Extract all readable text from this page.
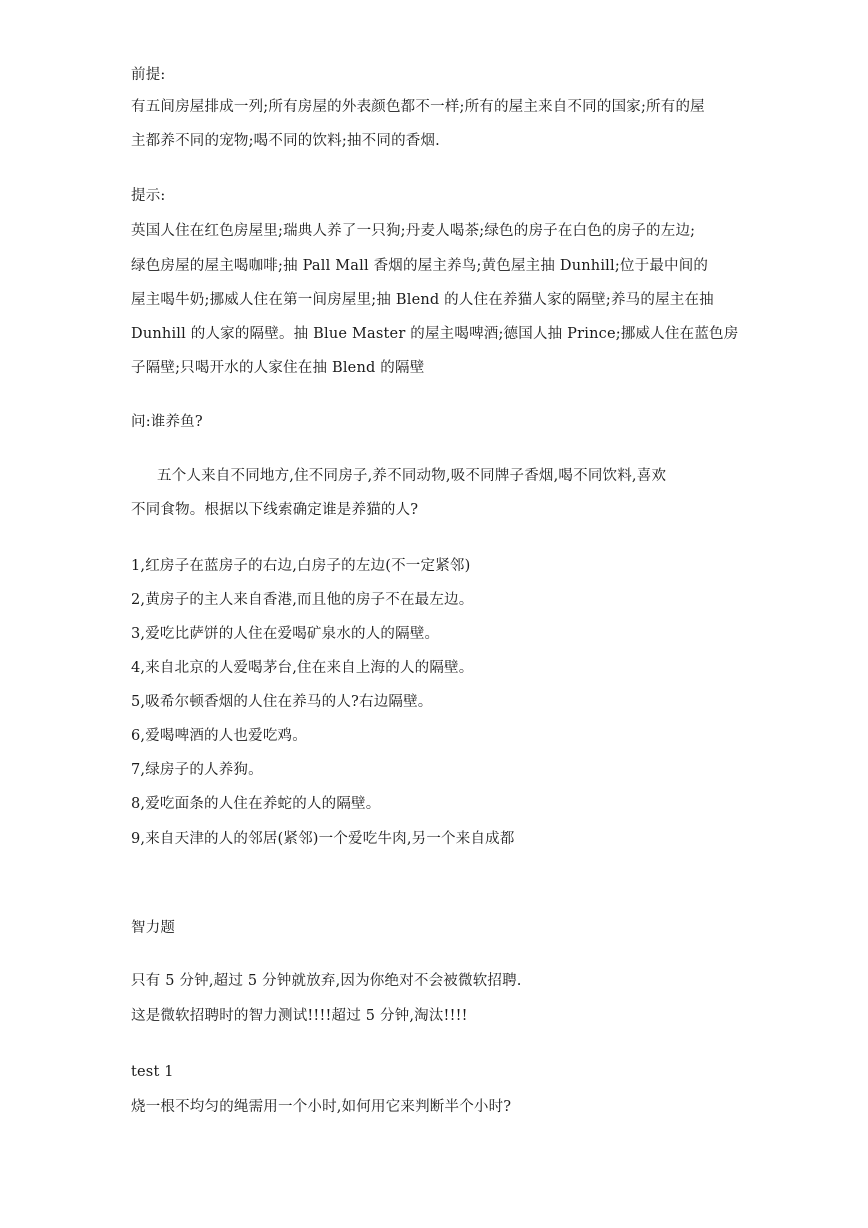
前提:
有五间房屋排成一列;所有房屋的外表颜色都不一样;所有的屋主来自不同的国家;所有的屋
主都养不同的宠物;喝不同的饮料;抽不同的香烟.
提示:
英国人住在红色房屋里;瑞典人养了一只狗;丹麦人喝茶;绿色的房子在白色的房子的左边;
绿色房屋的屋主喝咖啡;抽 Pall Mall 香烟的屋主养鸟;黄色屋主抽 Dunhill;位于最中间的
屋主喝牛奶;挪威人住在第一间房屋里;抽 Blend 的人住在养猫人家的隔壁;养马的屋主在抽
Dunhill 的人家的隔壁。抽 Blue Master 的屋主喝啤酒;德国人抽 Prince;挪威人住在蓝色房
子隔壁;只喝开水的人家住在抽 Blend 的隔壁
问:谁养鱼?
五个人来自不同地方,住不同房子,养不同动物,吸不同牌子香烟,喝不同饮料,喜欢
不同食物。根据以下线索确定谁是养猫的人?
1,红房子在蓝房子的右边,白房子的左边(不一定紧邻)
2,黄房子的主人来自香港,而且他的房子不在最左边。
3,爱吃比萨饼的人住在爱喝矿泉水的人的隔壁。
4,来自北京的人爱喝茅台,住在来自上海的人的隔壁。
5,吸希尔顿香烟的人住在养马的人?右边隔壁。
6,爱喝啤酒的人也爱吃鸡。
7,绿房子的人养狗。
8,爱吃面条的人住在养蛇的人的隔壁。
9,来自天津的人的邻居(紧邻)一个爱吃牛肉,另一个来自成都
智力题
只有 5 分钟,超过 5 分钟就放弃,因为你绝对不会被微软招聘.
这是微软招聘时的智力测试!!!!超过 5 分钟,淘汰!!!!
test 1
烧一根不均匀的绳需用一个小时,如何用它来判断半个小时?
